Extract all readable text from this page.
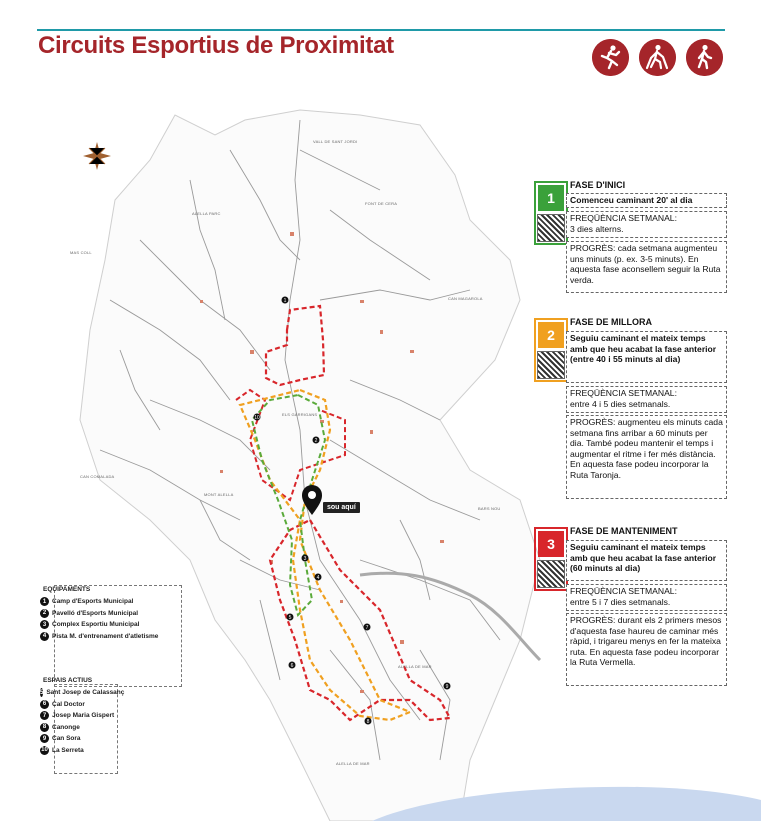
Circuits Esportius de Proximitat
VALL DE SANT JORDI
ALELLA PARC
FONT DE CERA
MAS COLL
CAN MAGAROLA
ELS GARRIGANS
CAN COMALADA
MONT ALELLA
BARS NOU
ALELLA DE MAR
ALELLA DE MAR
1
2
3
4
5
6
7
8
9
10
sou aquí
EQUIPAMENTS
1 Camp d'Esports Municipal
2 Pavelló d'Esports Municipal
3 Complex Esportiu Municipal
4 Pista M. d'entrenament d'atletisme
ESPAIS ACTIUS
5 Sant Josep de Calassanç
6 Cal Doctor
7 Josep Maria Gispert
8 Canonge
9 Can Sora
10 La Serreta
1
FASE D'INICI
Comenceu caminant 20' al dia
FREQÜÈNCIA SETMANAL:
3 dies alterns.
PROGRÈS: cada setmana augmenteu uns minuts (p. ex. 3-5 minuts). En aquesta fase aconsellem seguir la Ruta verda.
2
FASE DE MILLORA
Seguiu caminant el mateix temps amb que heu acabat la fase anterior (entre 40 i 55 minuts al dia)
FREQÜÈNCIA SETMANAL:
entre 4 i 5 dies setmanals.
PROGRÈS: augmenteu els minuts cada setmana fins arribar a 60 minuts per dia. També podeu mantenir el temps i augmentar el ritme i fer més distància. En aquesta fase podeu incorporar la Ruta Taronja.
3
FASE DE MANTENIMENT
Seguiu caminant el mateix temps amb que heu acabat la fase anterior (60 minuts al dia)
FREQÜÈNCIA SETMANAL:
entre 5 i 7 dies setmanals.
PROGRÈS: durant els 2 primers mesos d'aquesta fase haureu de caminar més ràpid, i trigareu menys en fer la mateixa ruta. En aquesta fase podeu incorporar la Ruta Vermella.
